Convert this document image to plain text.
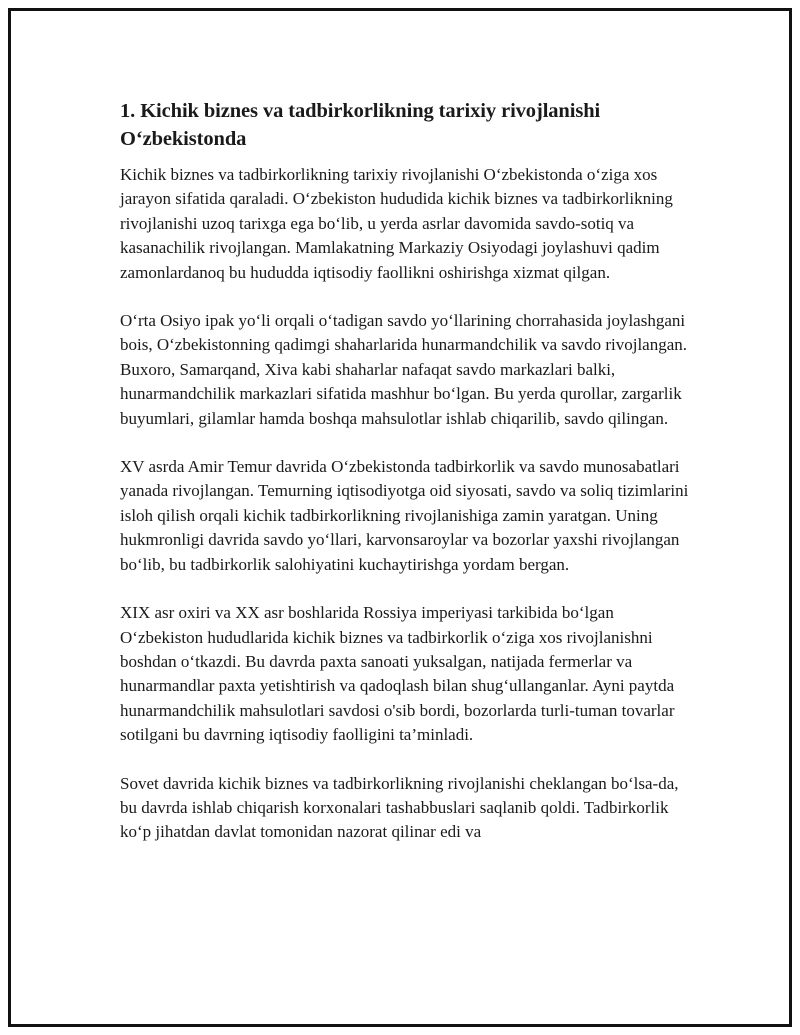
1. Kichik biznes va tadbirkorlikning tarixiy rivojlanishi O‘zbekistonda

Kichik biznes va tadbirkorlikning tarixiy rivojlanishi O‘zbekistonda o‘ziga xos jarayon sifatida qaraladi. O‘zbekiston hududida kichik biznes va tadbirkorlikning rivojlanishi uzoq tarixga ega bo‘lib, u yerda asrlar davomida savdo-sotiq va kasanachilik rivojlangan. Mamlakatning Markaziy Osiyodagi joylashuvi qadim zamonlardanoq bu hududda iqtisodiy faollikni oshirishga xizmat qilgan.

O‘rta Osiyo ipak yo‘li orqali o‘tadigan savdo yo‘llarining chorrahasida joylashgani bois, O‘zbekistonning qadimgi shaharlarida hunarmandchilik va savdo rivojlangan. Buxoro, Samarqand, Xiva kabi shaharlar nafaqat savdo markazlari balki, hunarmandchilik markazlari sifatida mashhur bo‘lgan. Bu yerda qurollar, zargarlik buyumlari, gilamlar hamda boshqa mahsulotlar ishlab chiqarilib, savdo qilingan.

XV asrda Amir Temur davrida O‘zbekistonda tadbirkorlik va savdo munosabatlari yanada rivojlangan. Temurning iqtisodiyotga oid siyosati, savdo va soliq tizimlarini isloh qilish orqali kichik tadbirkorlikning rivojlanishiga zamin yaratgan. Uning hukmronligi davrida savdo yo‘llari, karvonsaroylar va bozorlar yaxshi rivojlangan bo‘lib, bu tadbirkorlik salohiyatini kuchaytirishga yordam bergan.

XIX asr oxiri va XX asr boshlarida Rossiya imperiyasi tarkibida bo‘lgan O‘zbekiston hududlarida kichik biznes va tadbirkorlik o‘ziga xos rivojlanishni boshdan o‘tkazdi. Bu davrda paxta sanoati yuksalgan, natijada fermerlar va hunarmandlar paxta yetishtirish va qadoqlash bilan shug‘ullanganlar. Ayni paytda hunarmandchilik mahsulotlari savdosi o'sib bordi, bozorlarda turli-tuman tovarlar sotilgani bu davrning iqtisodiy faolligini ta’minladi.

Sovet davrida kichik biznes va tadbirkorlikning rivojlanishi cheklangan bo‘lsa-da, bu davrda ishlab chiqarish korxonalari tashabbuslari saqlanib qoldi. Tadbirkorlik ko‘p jihatdan davlat tomonidan nazorat qilinar edi va
